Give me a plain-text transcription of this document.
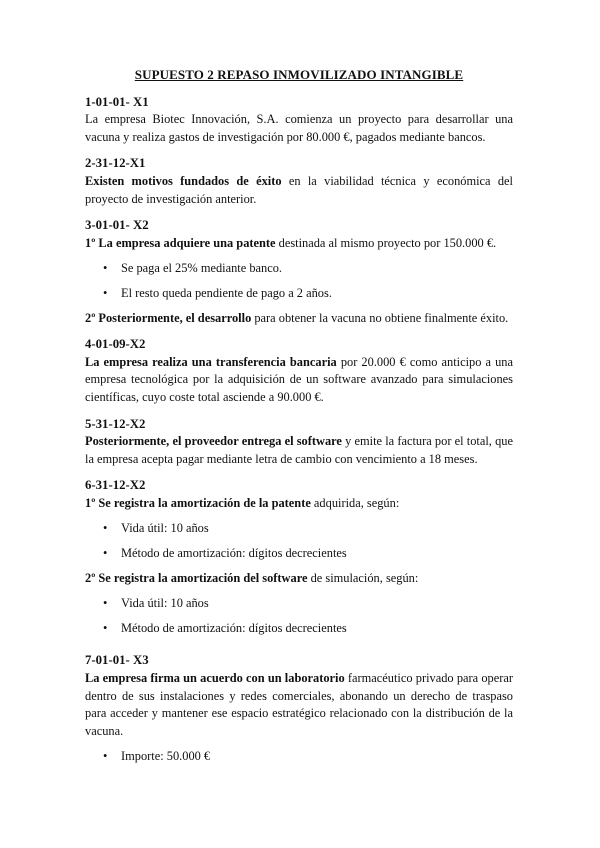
SUPUESTO 2 REPASO INMOVILIZADO INTANGIBLE
1-01-01- X1

La empresa Biotec Innovación, S.A. comienza un proyecto para desarrollar una vacuna y realiza gastos de investigación por 80.000 €, pagados mediante bancos.

2-31-12-X1

Existen motivos fundados de éxito en la viabilidad técnica y económica del proyecto de investigación anterior.

3-01-01- X2

1º La empresa adquiere una patente destinada al mismo proyecto por 150.000 €.

• Se paga el 25% mediante banco.
• El resto queda pendiente de pago a 2 años.

2º Posteriormente, el desarrollo para obtener la vacuna no obtiene finalmente éxito.

4-01-09-X2

La empresa realiza una transferencia bancaria por 20.000 € como anticipo a una empresa tecnológica por la adquisición de un software avanzado para simulaciones científicas, cuyo coste total asciende a 90.000 €.

5-31-12-X2

Posteriormente, el proveedor entrega el software y emite la factura por el total, que la empresa acepta pagar mediante letra de cambio con vencimiento a 18 meses.

6-31-12-X2

1º Se registra la amortización de la patente adquirida, según:

• Vida útil: 10 años
• Método de amortización: dígitos decrecientes

2º Se registra la amortización del software de simulación, según:

• Vida útil: 10 años
• Método de amortización: dígitos decrecientes
7-01-01- X3

La empresa firma un acuerdo con un laboratorio farmacéutico privado para operar dentro de sus instalaciones y redes comerciales, abonando un derecho de traspaso para acceder y mantener ese espacio estratégico relacionado con la distribución de la vacuna.

• Importe: 50.000 €
